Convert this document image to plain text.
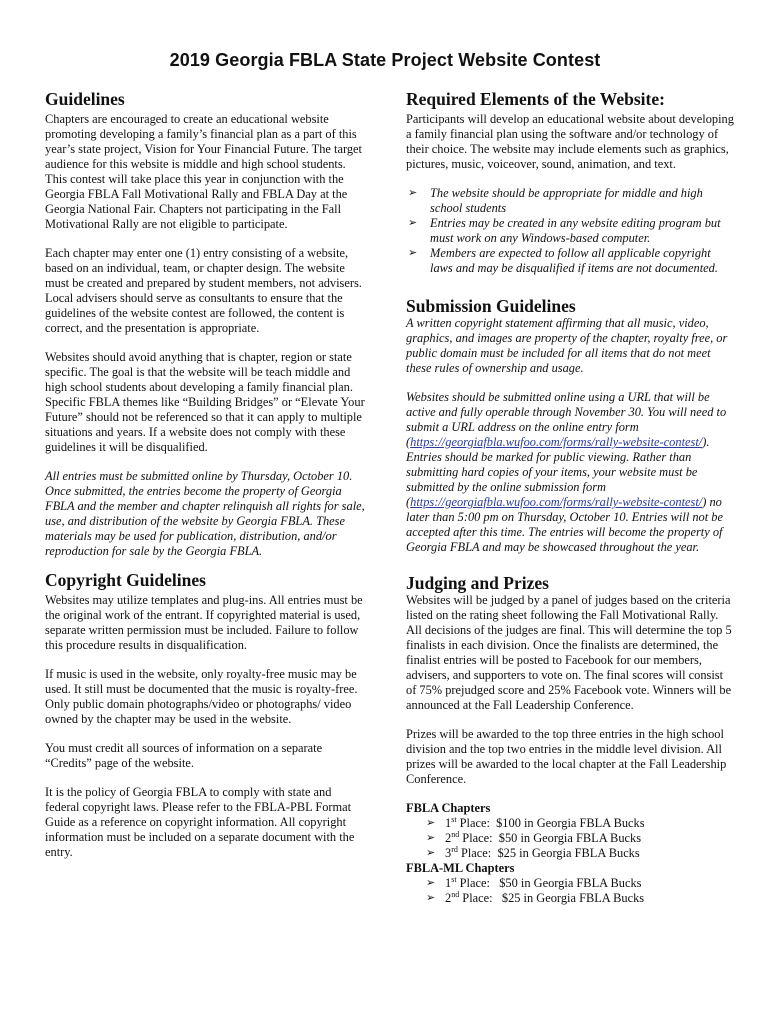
2019 Georgia FBLA State Project Website Contest
Guidelines

Chapters are encouraged to create an educational website promoting developing a family’s financial plan as a part of this year’s state project, Vision for Your Financial Future. The target audience for this website is middle and high school students. This contest will take place this year in conjunction with the Georgia FBLA Fall Motivational Rally and FBLA Day at the Georgia National Fair. Chapters not participating in the Fall Motivational Rally are not eligible to participate.

Each chapter may enter one (1) entry consisting of a website, based on an individual, team, or chapter design. The website must be created and prepared by student members, not advisers. Local advisers should serve as consultants to ensure that the guidelines of the website contest are followed, the content is correct, and the presentation is appropriate.

Websites should avoid anything that is chapter, region or state specific. The goal is that the website will be teach middle and high school students about developing a family financial plan. Specific FBLA themes like “Building Bridges” or “Elevate Your Future” should not be referenced so that it can apply to multiple situations and years. If a website does not comply with these guidelines it will be disqualified.

All entries must be submitted online by Thursday, October 10. Once submitted, the entries become the property of Georgia FBLA and the member and chapter relinquish all rights for sale, use, and distribution of the website by Georgia FBLA. These materials may be used for publication, distribution, and/or reproduction for sale by the Georgia FBLA.

Copyright Guidelines

Websites may utilize templates and plug-ins. All entries must be the original work of the entrant. If copyrighted material is used, separate written permission must be included. Failure to follow this procedure results in disqualification.

If music is used in the website, only royalty-free music may be used. It still must be documented that the music is royalty-free. Only public domain photographs/video or photographs/ video owned by the chapter may be used in the website.

You must credit all sources of information on a separate “Credits” page of the website.

It is the policy of Georgia FBLA to comply with state and federal copyright laws. Please refer to the FBLA-PBL Format Guide as a reference on copyright information. All copyright information must be included on a separate document with the entry.

Required Elements of the Website:

Participants will develop an educational website about developing a family financial plan using the software and/or technology of their choice. The website may include elements such as graphics, pictures, music, voiceover, sound, animation, and text.

➢ The website should be appropriate for middle and high school students
➢ Entries may be created in any website editing program but must work on any Windows-based computer.
➢ Members are expected to follow all applicable copyright laws and may be disqualified if items are not documented.
Submission Guidelines

A written copyright statement affirming that all music, video, graphics, and images are property of the chapter, royalty free, or public domain must be included for all items that do not meet these rules of ownership and usage.

Websites should be submitted online using a URL that will be active and fully operable through November 30. You will need to submit a URL address on the online entry form (https://georgiafbla.wufoo.com/forms/rally-website-contest/). Entries should be marked for public viewing. Rather than submitting hard copies of your items, your website must be submitted by the online submission form (https://georgiafbla.wufoo.com/forms/rally-website-contest/) no later than 5:00 pm on Thursday, October 10. Entries will not be accepted after this time. The entries will become the property of Georgia FBLA and may be showcased throughout the year.

Judging and Prizes

Websites will be judged by a panel of judges based on the criteria listed on the rating sheet following the Fall Motivational Rally. All decisions of the judges are final. This will determine the top 5 finalists in each division. Once the finalists are determined, the finalist entries will be posted to Facebook for our members, advisers, and supporters to vote on. The final scores will consist of 75% prejudged score and 25% Facebook vote. Winners will be announced at the Fall Leadership Conference.

Prizes will be awarded to the top three entries in the high school division and the top two entries in the middle level division. All prizes will be awarded to the local chapter at the Fall Leadership Conference.

FBLA Chapters
➢ 1st Place:  $100 in Georgia FBLA Bucks
➢ 2nd Place:  $50 in Georgia FBLA Bucks
➢ 3rd Place:  $25 in Georgia FBLA Bucks
FBLA-ML Chapters
➢ 1st Place:   $50 in Georgia FBLA Bucks
➢ 2nd Place:   $25 in Georgia FBLA Bucks
